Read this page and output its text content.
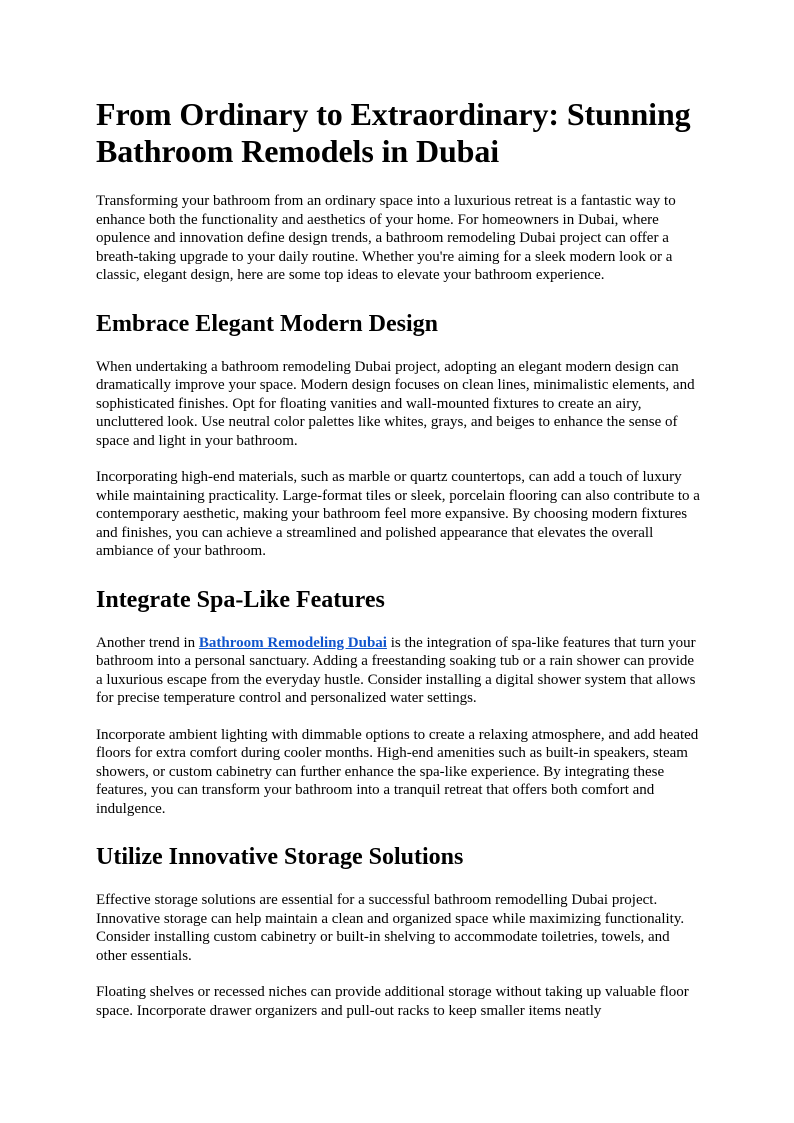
From Ordinary to Extraordinary: Stunning Bathroom Remodels in Dubai

Transforming your bathroom from an ordinary space into a luxurious retreat is a fantastic way to enhance both the functionality and aesthetics of your home. For homeowners in Dubai, where opulence and innovation define design trends, a bathroom remodeling Dubai project can offer a breath-taking upgrade to your daily routine. Whether you're aiming for a sleek modern look or a classic, elegant design, here are some top ideas to elevate your bathroom experience.

Embrace Elegant Modern Design

When undertaking a bathroom remodeling Dubai project, adopting an elegant modern design can dramatically improve your space. Modern design focuses on clean lines, minimalistic elements, and sophisticated finishes. Opt for floating vanities and wall-mounted fixtures to create an airy, uncluttered look. Use neutral color palettes like whites, grays, and beiges to enhance the sense of space and light in your bathroom.

Incorporating high-end materials, such as marble or quartz countertops, can add a touch of luxury while maintaining practicality. Large-format tiles or sleek, porcelain flooring can also contribute to a contemporary aesthetic, making your bathroom feel more expansive. By choosing modern fixtures and finishes, you can achieve a streamlined and polished appearance that elevates the overall ambiance of your bathroom.

Integrate Spa-Like Features

Another trend in Bathroom Remodeling Dubai is the integration of spa-like features that turn your bathroom into a personal sanctuary. Adding a freestanding soaking tub or a rain shower can provide a luxurious escape from the everyday hustle. Consider installing a digital shower system that allows for precise temperature control and personalized water settings.

Incorporate ambient lighting with dimmable options to create a relaxing atmosphere, and add heated floors for extra comfort during cooler months. High-end amenities such as built-in speakers, steam showers, or custom cabinetry can further enhance the spa-like experience. By integrating these features, you can transform your bathroom into a tranquil retreat that offers both comfort and indulgence.

Utilize Innovative Storage Solutions

Effective storage solutions are essential for a successful bathroom remodelling Dubai project. Innovative storage can help maintain a clean and organized space while maximizing functionality. Consider installing custom cabinetry or built-in shelving to accommodate toiletries, towels, and other essentials.

Floating shelves or recessed niches can provide additional storage without taking up valuable floor space. Incorporate drawer organizers and pull-out racks to keep smaller items neatly
